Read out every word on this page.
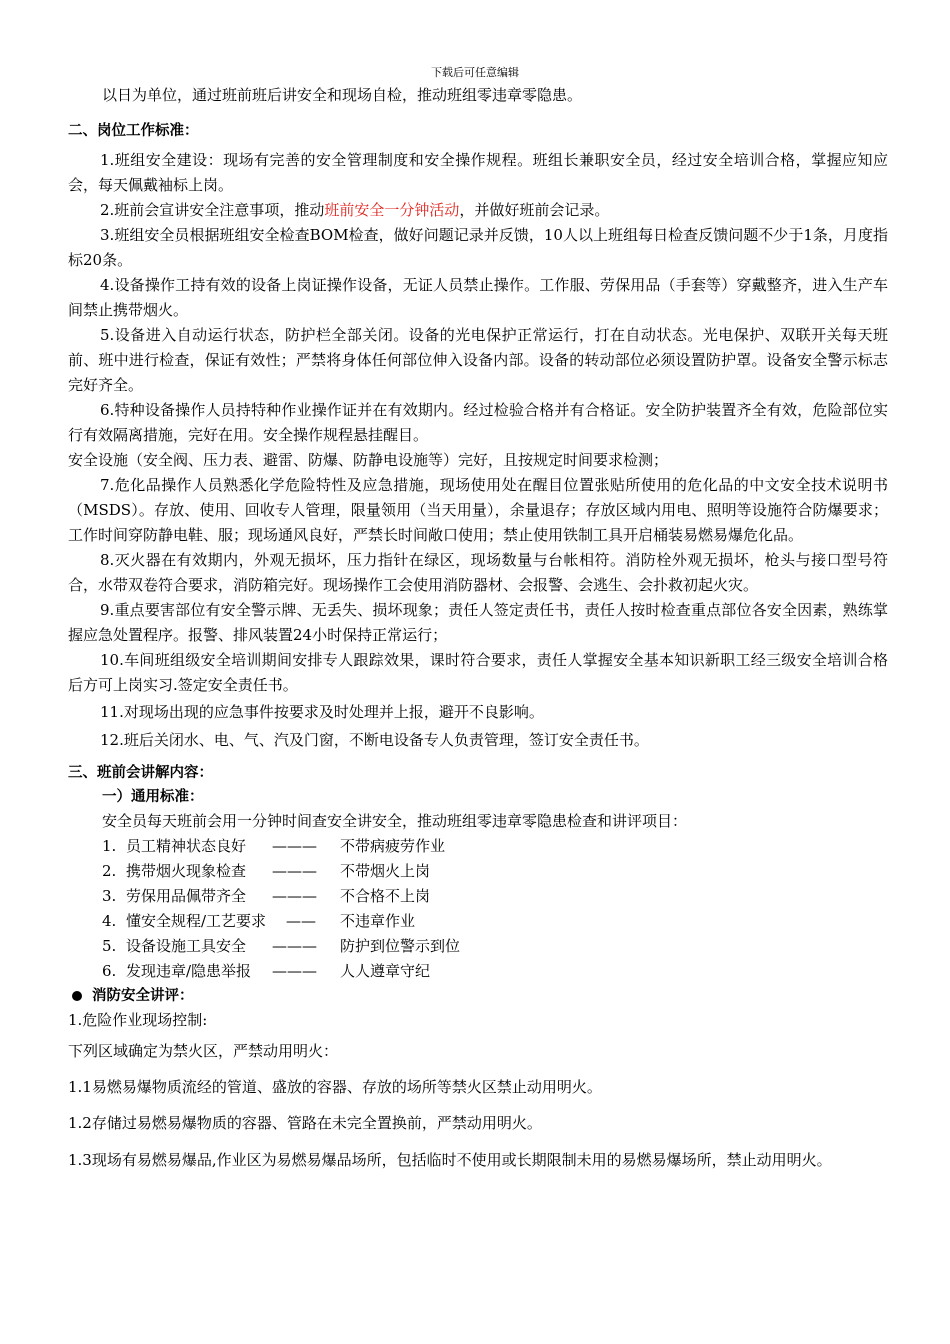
下载后可任意编辑

以日为单位，通过班前班后讲安全和现场自检，推动班组零违章零隐患。

二、岗位工作标准：

1.班组安全建设：现场有完善的安全管理制度和安全操作规程。班组长兼职安全员，经过安全培训合格，掌握应知应会，每天佩戴袖标上岗。

2.班前会宣讲安全注意事项，推动班前安全一分钟活动，并做好班前会记录。

3.班组安全员根据班组安全检查BOM检查，做好问题记录并反馈，10人以上班组每日检查反馈问题不少于1条，月度指标20条。

4.设备操作工持有效的设备上岗证操作设备，无证人员禁止操作。工作服、劳保用品（手套等）穿戴整齐，进入生产车间禁止携带烟火。

5.设备进入自动运行状态，防护栏全部关闭。设备的光电保护正常运行，打在自动状态。光电保护、双联开关每天班前、班中进行检查，保证有效性；严禁将身体任何部位伸入设备内部。设备的转动部位必须设置防护罩。设备安全警示标志完好齐全。

6.特种设备操作人员持特种作业操作证并在有效期内。经过检验合格并有合格证。安全防护装置齐全有效，危险部位实行有效隔离措施，完好在用。安全操作规程悬挂醒目。

安全设施（安全阀、压力表、避雷、防爆、防静电设施等）完好，且按规定时间要求检测；

7.危化品操作人员熟悉化学危险特性及应急措施，现场使用处在醒目位置张贴所使用的危化品的中文安全技术说明书（MSDS）。存放、使用、回收专人管理，限量领用（当天用量），余量退存；存放区域内用电、照明等设施符合防爆要求；工作时间穿防静电鞋、服；现场通风良好，严禁长时间敞口使用；禁止使用铁制工具开启桶装易燃易爆危化品。

8.灭火器在有效期内，外观无损坏，压力指针在绿区，现场数量与台帐相符。消防栓外观无损坏，枪头与接口型号符合，水带双卷符合要求，消防箱完好。现场操作工会使用消防器材、会报警、会逃生、会扑救初起火灾。

9.重点要害部位有安全警示牌、无丢失、损坏现象；责任人签定责任书，责任人按时检查重点部位各安全因素，熟练掌握应急处置程序。报警、排风装置24小时保持正常运行；

10.车间班组级安全培训期间安排专人跟踪效果，课时符合要求，责任人掌握安全基本知识新职工经三级安全培训合格后方可上岗实习.签定安全责任书。

11.对现场出现的应急事件按要求及时处理并上报，避开不良影响。

12.班后关闭水、电、气、汽及门窗，不断电设备专人负责管理，签订安全责任书。

三、班前会讲解内容：

一）通用标准：

安全员每天班前会用一分钟时间查安全讲安全，推动班组零违章零隐患检查和讲评项目：

1. 员工精神状态良好	———	不带病疲劳作业
2. 携带烟火现象检查	———	不带烟火上岗
3. 劳保用品佩带齐全	———	不合格不上岗
4. 懂安全规程/工艺要求	——	不违章作业
5. 设备设施工具安全	———	防护到位警示到位
6. 发现违章/隐患举报	———	人人遵章守纪
消防安全讲评：

1.危险作业现场控制:

下列区域确定为禁火区，严禁动用明火：

1.1易燃易爆物质流经的管道、盛放的容器、存放的场所等禁火区禁止动用明火。

1.2存储过易燃易爆物质的容器、管路在未完全置换前，严禁动用明火。

1.3现场有易燃易爆品,作业区为易燃易爆品场所，包括临时不使用或长期限制未用的易燃易爆场所，禁止动用明火。
